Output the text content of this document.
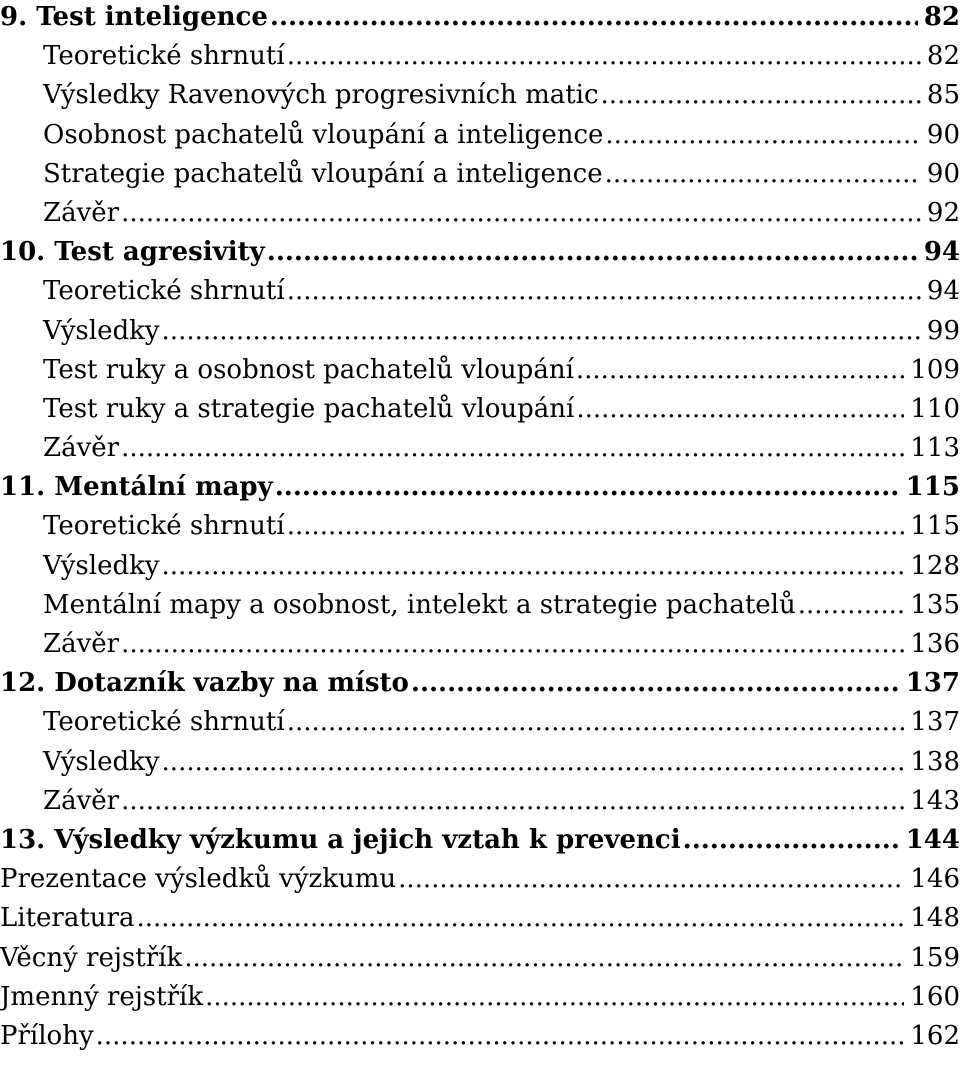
9. Test inteligence .....	82
Teoretické shrnutí .....	82
Výsledky Ravenových progresivních matic .....	85
Osobnost pachatelů vloupání a inteligence .....	90
Strategie pachatelů vloupání a inteligence .....	90
Závěr .....	92
10. Test agresivity .....	94
Teoretické shrnutí .....	94
Výsledky .....	99
Test ruky a osobnost pachatelů vloupání .....	109
Test ruky a strategie pachatelů vloupání .....	110
Závěr .....	113
11. Mentální mapy .....	115
Teoretické shrnutí .....	115
Výsledky .....	128
Mentální mapy a osobnost, intelekt a strategie pachatelů .....	135
Závěr .....	136
12. Dotazník vazby na místo .....	137
Teoretické shrnutí .....	137
Výsledky .....	138
Závěr .....	143
13. Výsledky výzkumu a jejich vztah k prevenci .....	144
Prezentace výsledků výzkumu .....	146
Literatura .....	148
Věcný rejstřík .....	159
Jmenný rejstřík .....	160
Přílohy .....	162
